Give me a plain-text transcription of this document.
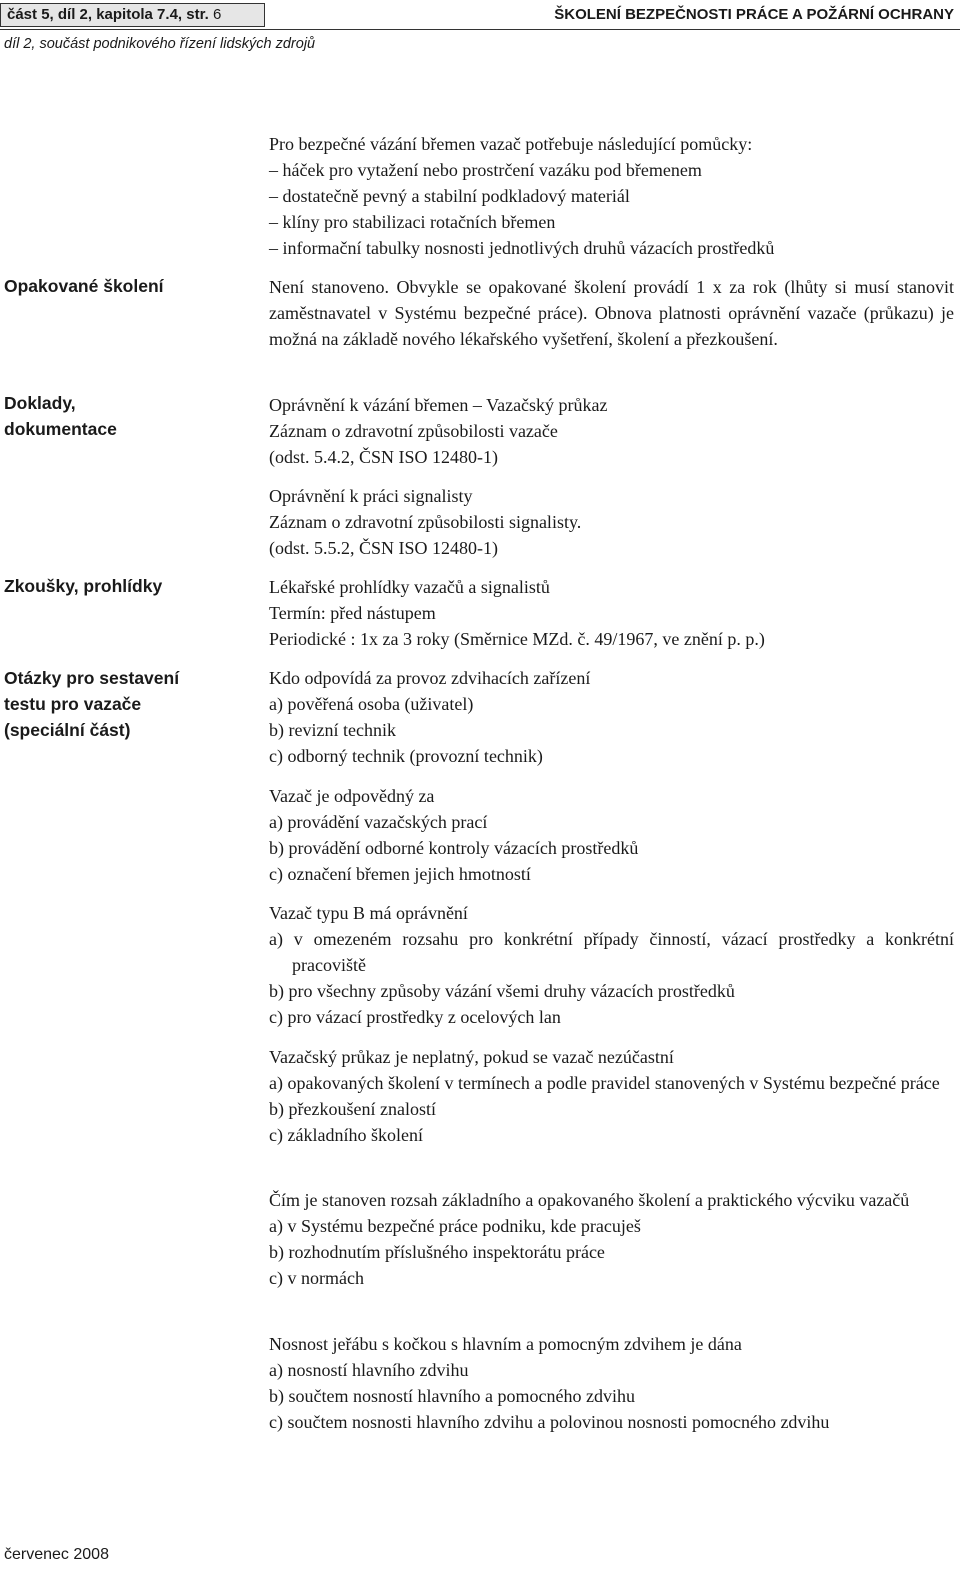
část 5, díl 2, kapitola 7.4, str. 6	ŠKOLENÍ BEZPEČNOSTI PRÁCE A POŽÁRNÍ OCHRANY
díl 2, součást podnikového řízení lidských zdrojů
Opakované školení
Doklady,
dokumentace
Zkoušky, prohlídky
Otázky pro sestavení
testu pro vazače
(speciální část)
Pro bezpečné vázání břemen vazač potřebuje následující pomůcky:
– háček pro vytažení nebo prostrčení vazáku pod břemenem
– dostatečně pevný a stabilní podkladový materiál
– klíny pro stabilizaci rotačních břemen
– informační tabulky nosnosti jednotlivých druhů vázacích prostředků
Není stanoveno. Obvykle se opakované školení provádí 1 x za rok (lhůty si musí stanovit zaměstnavatel v Systému bezpečné práce). Obnova platnosti oprávnění vazače (průkazu) je možná na základě nového lékařského vyšetření, školení a přezkoušení.
Oprávnění k vázání břemen – Vazačský průkaz
Záznam o zdravotní způsobilosti vazače
(odst. 5.4.2, ČSN ISO 12480-1)
Oprávnění k práci signalisty
Záznam o zdravotní způsobilosti signalisty.
(odst. 5.5.2, ČSN ISO 12480-1)
Lékařské prohlídky vazačů a signalistů
Termín: před nástupem
Periodické : 1x za 3 roky (Směrnice MZd. č. 49/1967, ve znění p. p.)
Kdo odpovídá za provoz zdvihacích zařízení
a) pověřená osoba (uživatel)
b) revizní technik
c) odborný technik (provozní technik)
Vazač je odpovědný za
a) provádění vazačských prací
b) provádění odborné kontroly vázacích prostředků
c) označení břemen jejich hmotností
Vazač typu B má oprávnění
a) v omezeném rozsahu pro konkrétní případy činností, vázací prostředky a konkrétní pracoviště
b) pro všechny způsoby vázání všemi druhy vázacích prostředků
c) pro vázací prostředky z ocelových lan
Vazačský průkaz je neplatný, pokud se vazač nezúčastní
a) opakovaných školení v termínech a podle pravidel stanovených v Systému bezpečné práce
b) přezkoušení znalostí
c) základního školení
Čím je stanoven rozsah základního a opakovaného školení a praktického výcviku vazačů
a) v Systému bezpečné práce podniku, kde pracuješ
b) rozhodnutím příslušného inspektorátu práce
c) v normách
Nosnost jeřábu s kočkou s hlavním a pomocným zdvihem je dána
a) nosností hlavního zdvihu
b) součtem nosností hlavního a pomocného zdvihu
c) součtem nosnosti hlavního zdvihu a polovinou nosnosti pomocného zdvihu
červenec 2008
